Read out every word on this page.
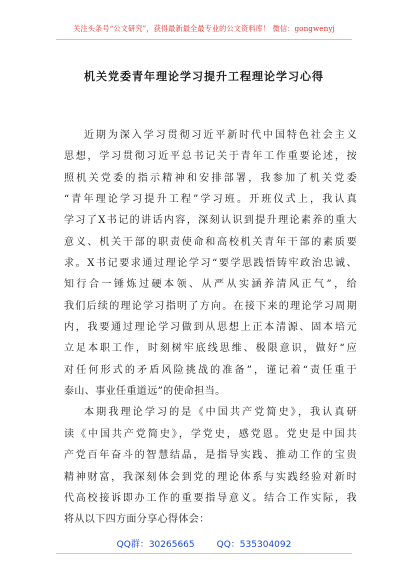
关注头条号“公文研究”，获得最新最全最专业的公文资料库！ 微信：gongwenyj
机关党委青年理论学习提升工程理论学习心得
近期为深入学习贯彻习近平新时代中国特色社会主义
思想，学习贯彻习近平总书记关于青年工作重要论述，按
照机关党委的指示精神和安排部署，我参加了机关党委
“青年理论学习提升工程”学习班。开班仪式上，我认真
学习了X书记的讲话内容，深刻认识到提升理论素养的重大
意义、机关干部的职责使命和高校机关青年干部的素质要
求。X书记要求通过理论学习“要学思践悟铸牢政治忠诚、
知行合一锤炼过硬本领、从严从实涵养清风正气”，给
我们后续的理论学习指明了方向。在接下来的理论学习周期
内，我要通过理论学习做到从思想上正本清源、固本培元
立足本职工作，时刻树牢底线思维、极限意识，做好“应
对任何形式的矛盾风险挑战的准备”，谨记着“责任重于
泰山、事业任重道远”的使命担当。
本期我理论学习的是《中国共产党简史》，我认真研
读《中国共产党简史》，学党史，感党恩。党史是中国共
产党百年奋斗的智慧结晶，是指导实践、推动工作的宝贵
精神财富，我深刻体会到党的理论体系与实践经验对新时
代高校接诉即办工作的重要指导意义。结合工作实际，我
将从以下四方面分享心得体会：
QQ群：30265665 QQ：535304092
